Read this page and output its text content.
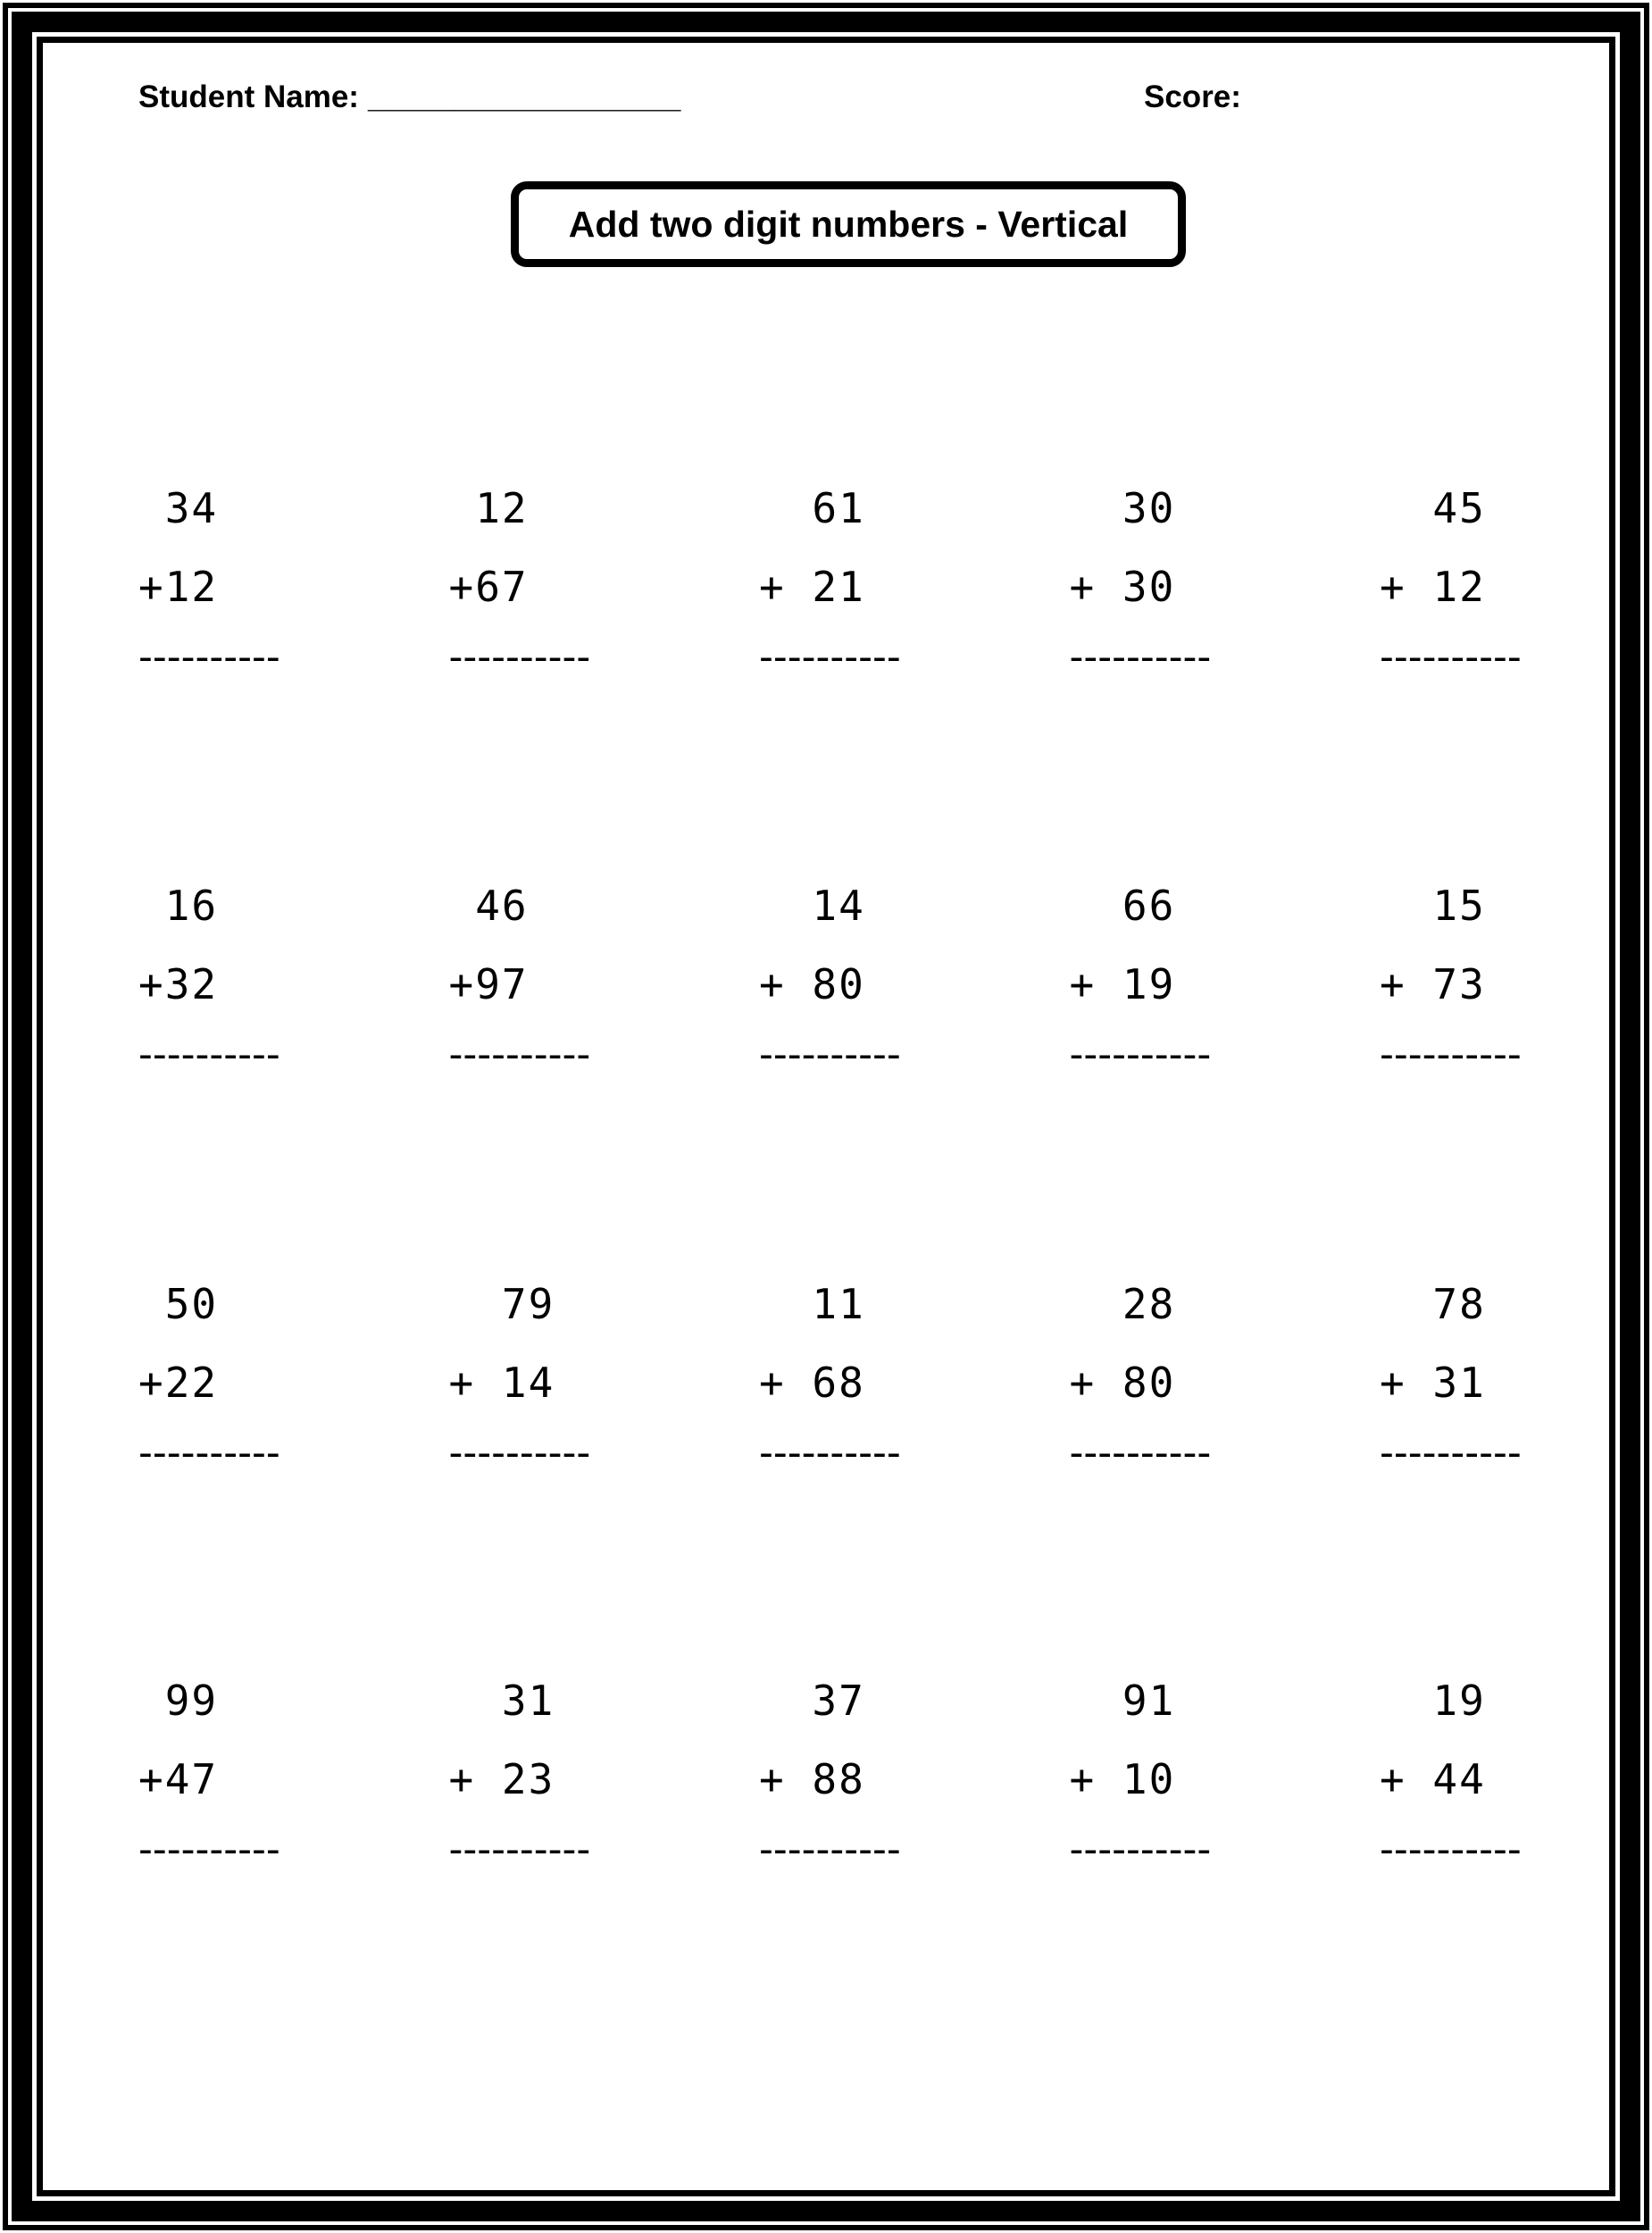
Student Name: __________________	Score:
Add two digit numbers - Vertical
34
+12
----------
12
+67
----------
61
+ 21
----------
30
+ 30
----------
45
+ 12
----------
16
+32
----------
46
+97
----------
14
+ 80
----------
66
+ 19
----------
15
+ 73
----------
50
+22
----------
79
+ 14
----------
11
+ 68
----------
28
+ 80
----------
78
+ 31
----------
99
+47
----------
31
+ 23
----------
37
+ 88
----------
91
+ 10
----------
19
+ 44
----------
